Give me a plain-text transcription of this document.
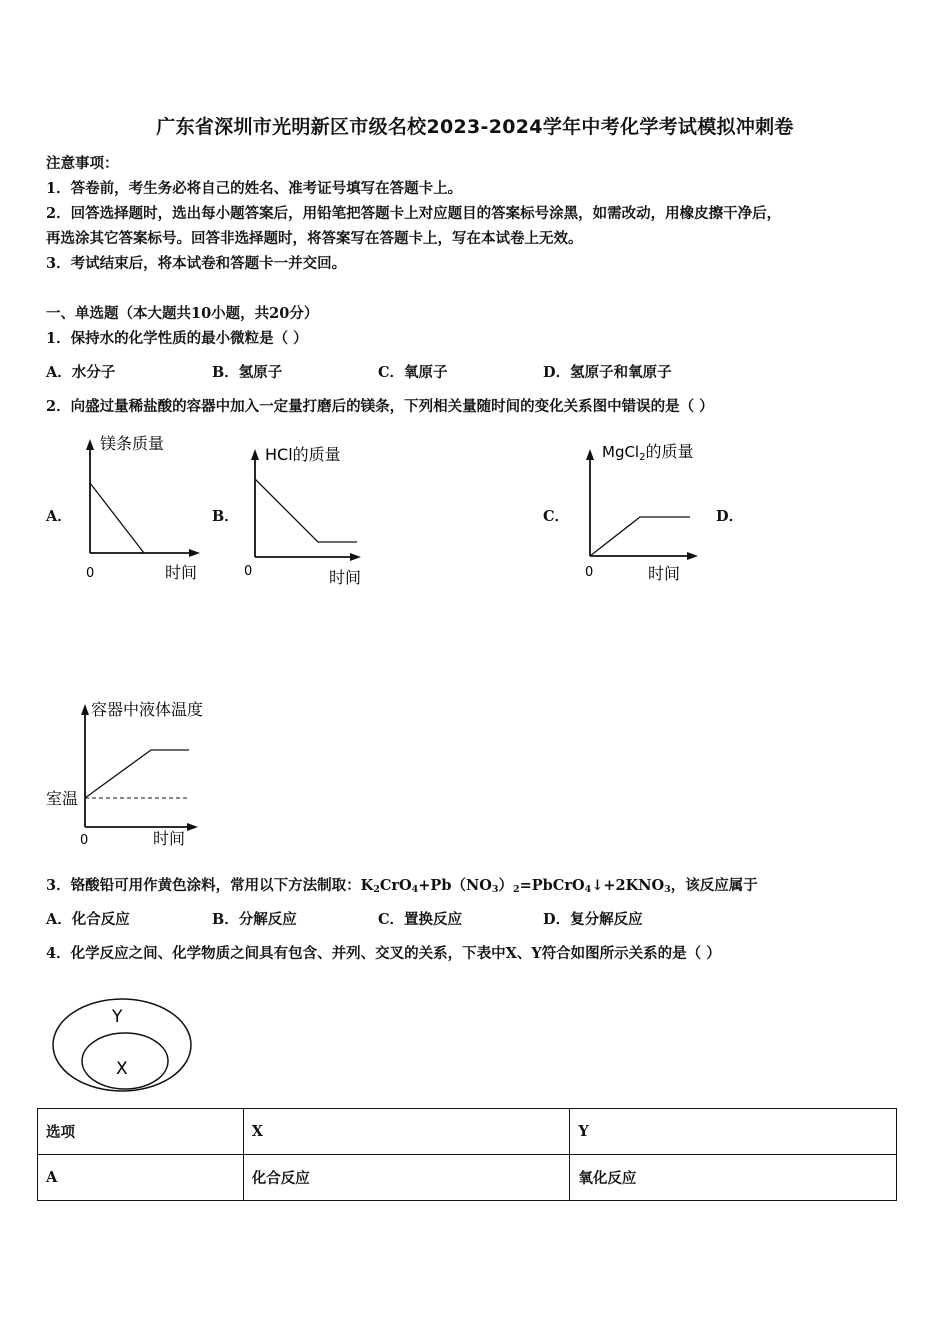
广东省深圳市光明新区市级名校2023-2024学年中考化学考试模拟冲刺卷
注意事项：
1．答卷前，考生务必将自己的姓名、准考证号填写在答题卡上。
2．回答选择题时，选出每小题答案后，用铅笔把答题卡上对应题目的答案标号涂黑，如需改动，用橡皮擦干净后，
再选涂其它答案标号。回答非选择题时，将答案写在答题卡上，写在本试卷上无效。
3．考试结束后，将本试卷和答题卡一并交回。
一、单选题（本大题共10小题，共20分）
1．保持水的化学性质的最小微粒是（ ）
A．水分子	B．氢原子	C．氧原子	D．氢原子和氧原子
2．向盛过量稀盐酸的容器中加入一定量打磨后的镁条，下列相关量随时间的变化关系图中错误的是（ ）
A．	B．	C．	D．
镁条质量
时间
0
HCl的质量
时间
0
MgCl$_2$的质量
时间
0
容器中液体温度
时间
0
室温
3．铬酸铅可用作黄色涂料，常用以下方法制取：$K_2CrO_4+Pb(NO_3)_2=PbCrO_4↓+2KNO_3$，该反应属于
A．化合反应	B．分解反应	C．置换反应	D．复分解反应
4．化学反应之间、化学物质之间具有包含、并列、交叉的关系，下表中X、Y符合如图所示关系的是（ ）
Y
X
选项	X	Y
A	化合反应	氧化反应
